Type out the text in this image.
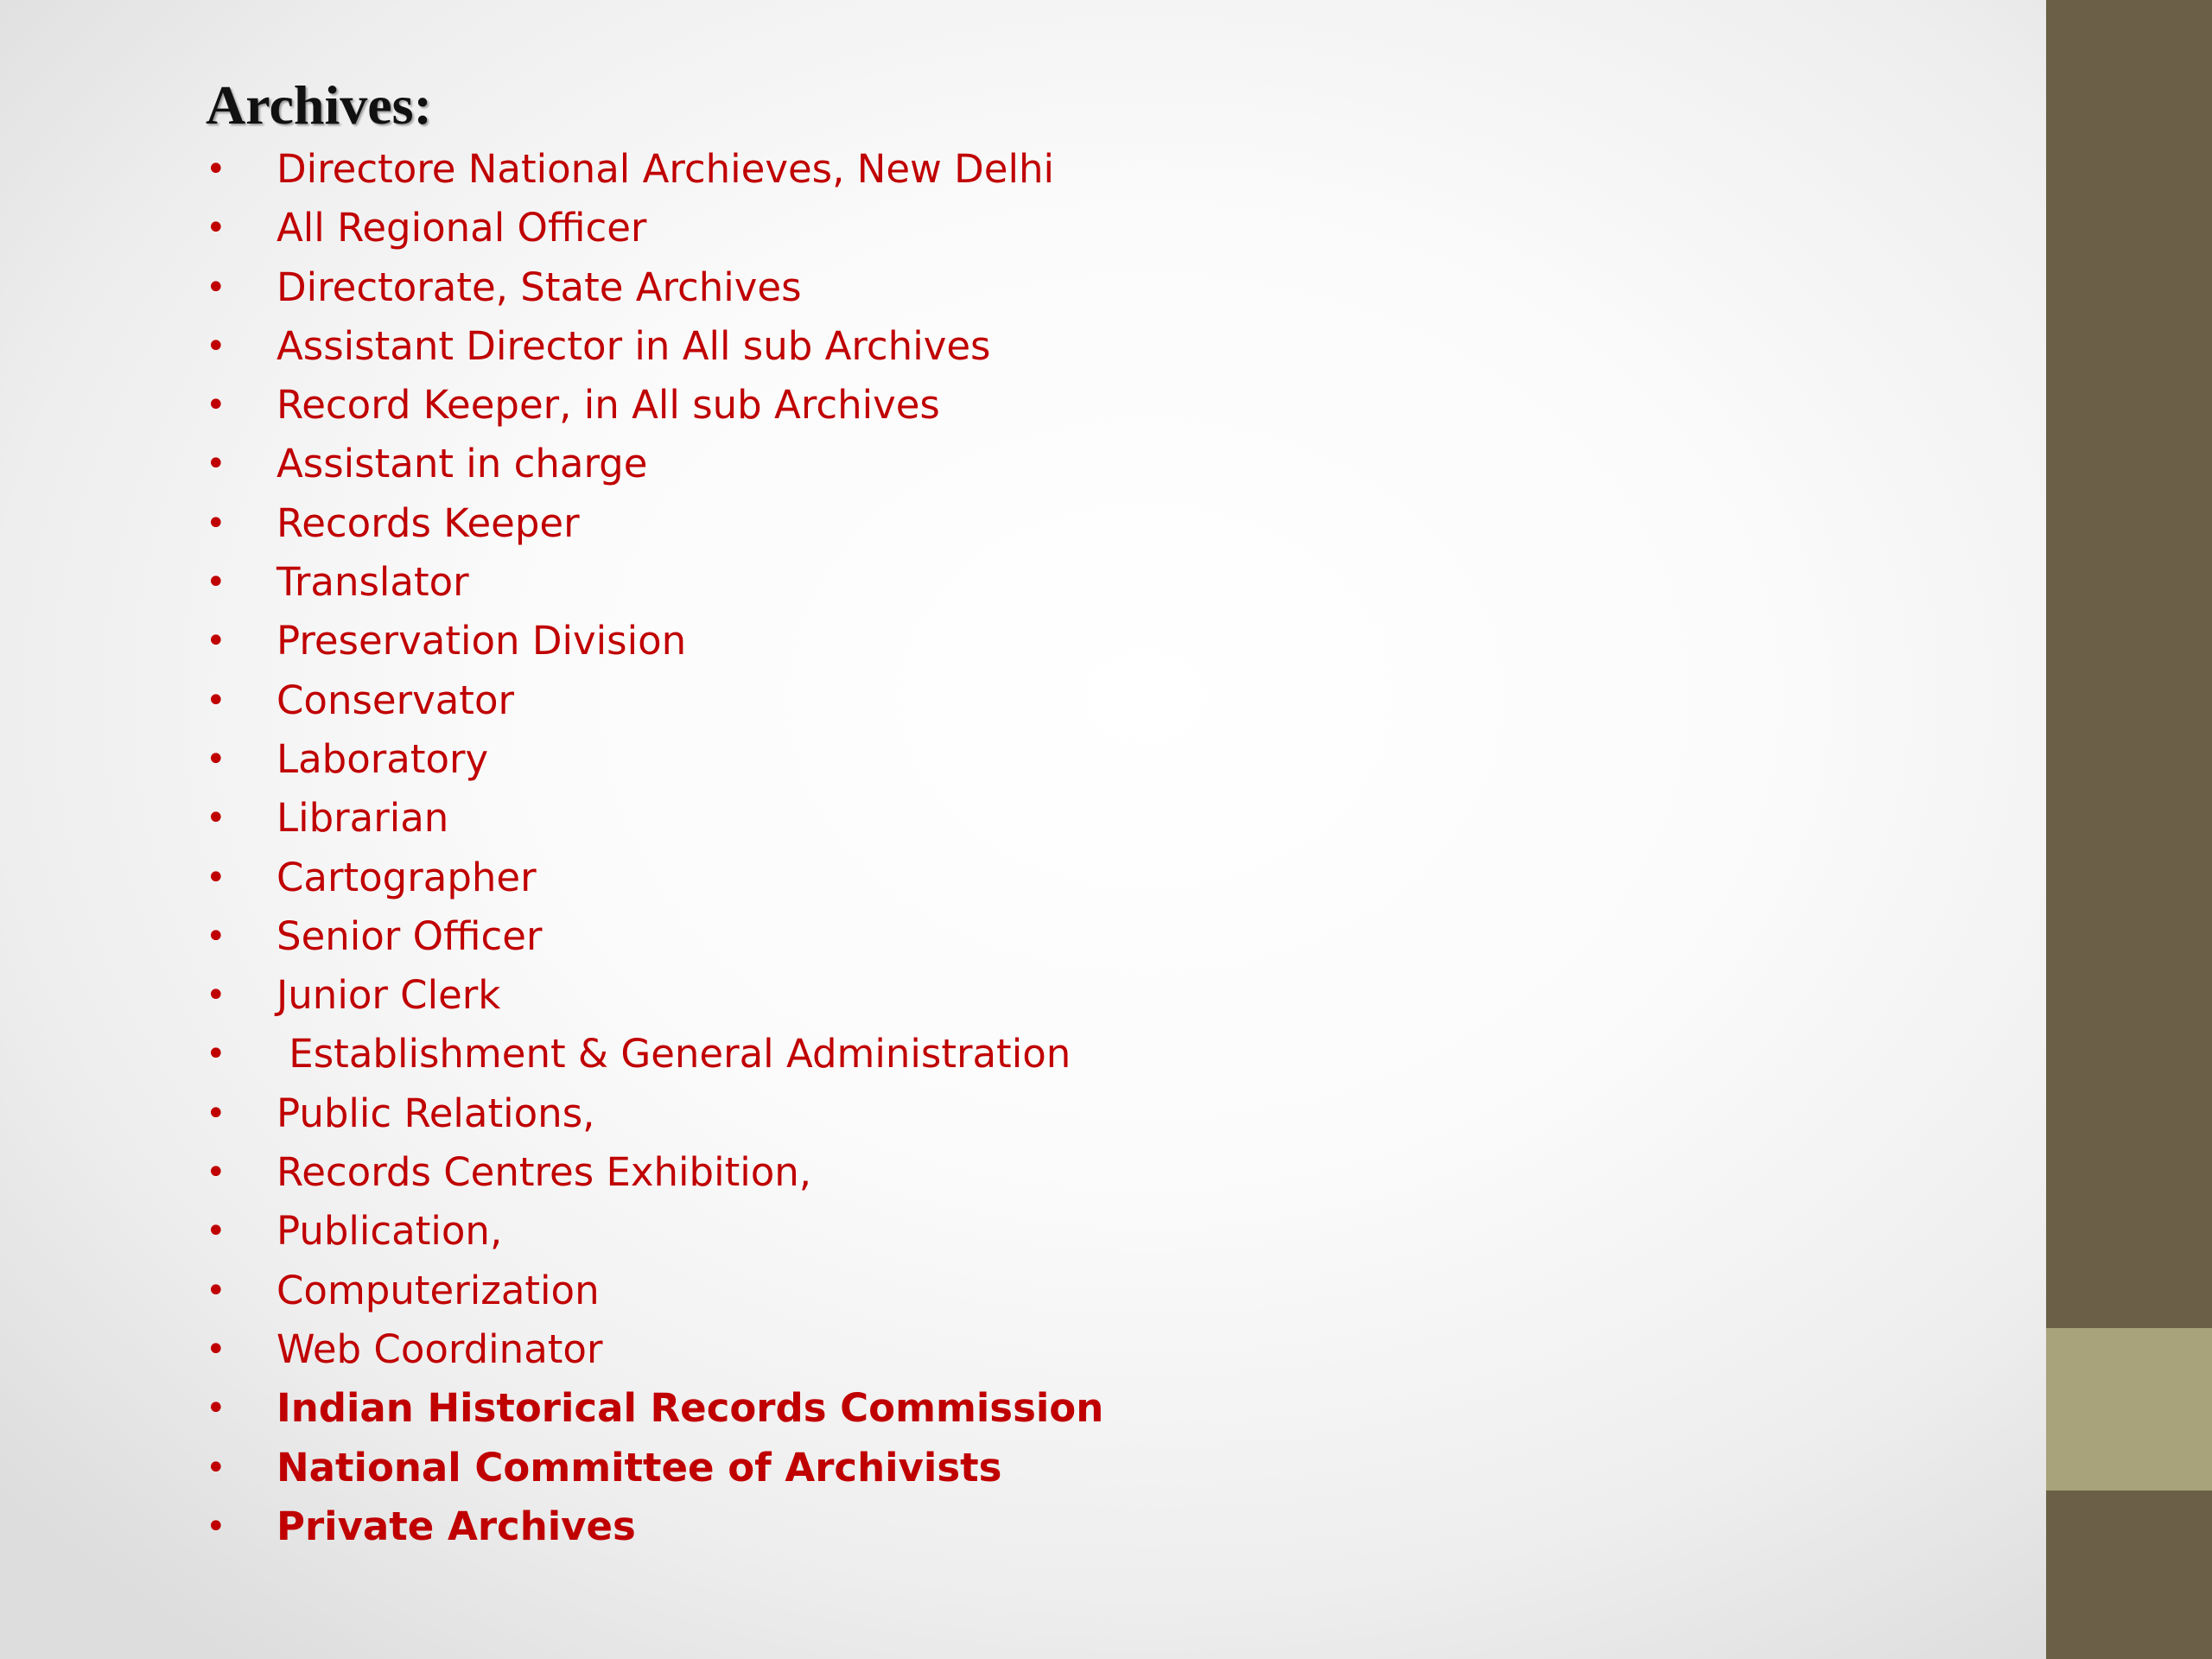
Archives:
• Directore National Archieves, New Delhi
• All Regional Officer
• Directorate, State Archives
• Assistant Director in All sub Archives
• Record Keeper, in All sub Archives
• Assistant in charge
• Records Keeper
• Translator
• Preservation Division
• Conservator
• Laboratory
• Librarian
• Cartographer
• Senior Officer
• Junior Clerk
• Establishment & General Administration
• Public Relations,
• Records Centres Exhibition,
• Publication,
• Computerization
• Web Coordinator
• Indian Historical Records Commission
• National Committee of Archivists
• Private Archives
